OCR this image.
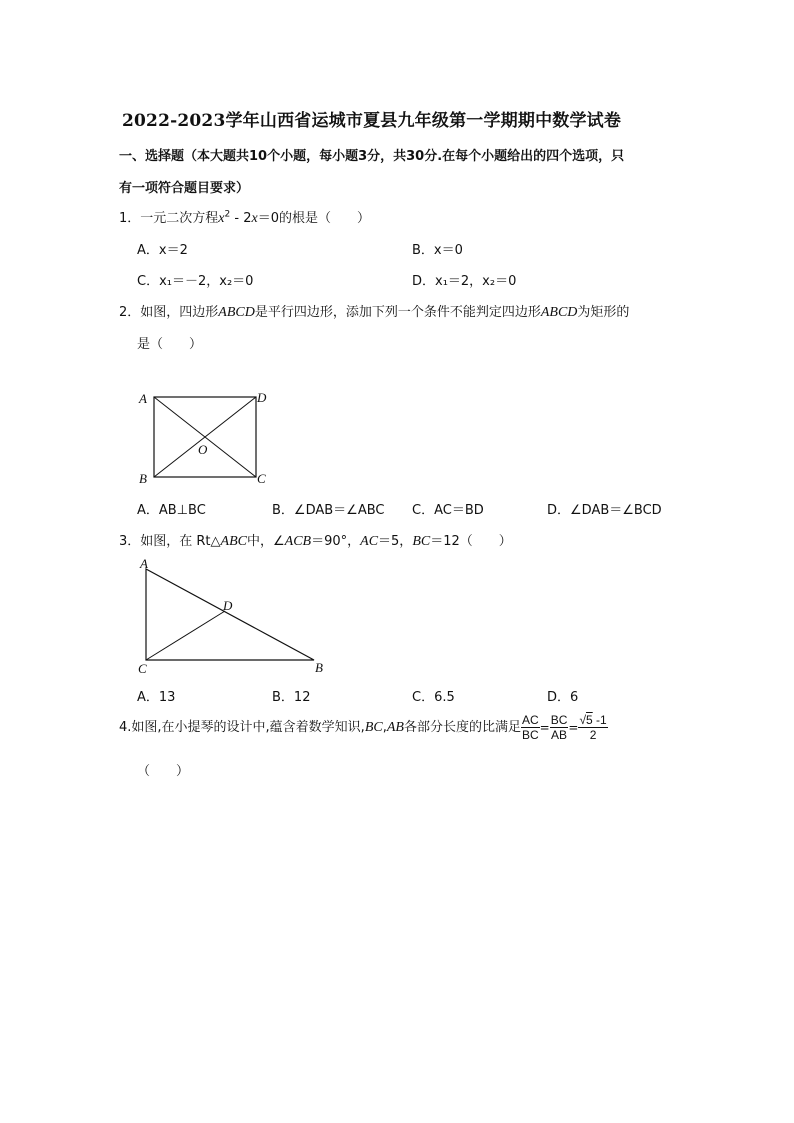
2022-2023学年山西省运城市夏县九年级第一学期期中数学试卷
一、选择题（本大题共10个小题，每小题3分，共30分.在每个小题给出的四个选项，只
有一项符合题目要求）
1．一元二次方程$x^2 - 2x=0$的根是（　　）
A．x＝2	B．x＝0
C．x₁＝－2，x₂＝0	D．x₁＝2，x₂＝0
2．如图，四边形ABCD是平行四边形，添加下列一个条件不能判定四边形ABCD为矩形的
是（　　）
A	D
B	C
O
A．AB⊥BC	B．∠DAB＝∠ABC C．AC＝BD	D．∠DAB＝∠BCD
3．如图，在 Rt△ABC中，∠ACB＝90°，AC＝5，BC＝12（　　）
A
D
C	B
A．13	B．12	C．6.5	D．6
4.如图,在小提琴的设计中,蕴含着数学知识,BC,AB各部分长度的比满足 $\frac{AC}{BC} = \frac{BC}{AB} = \frac{√5 -1}{2}$
（　　）
